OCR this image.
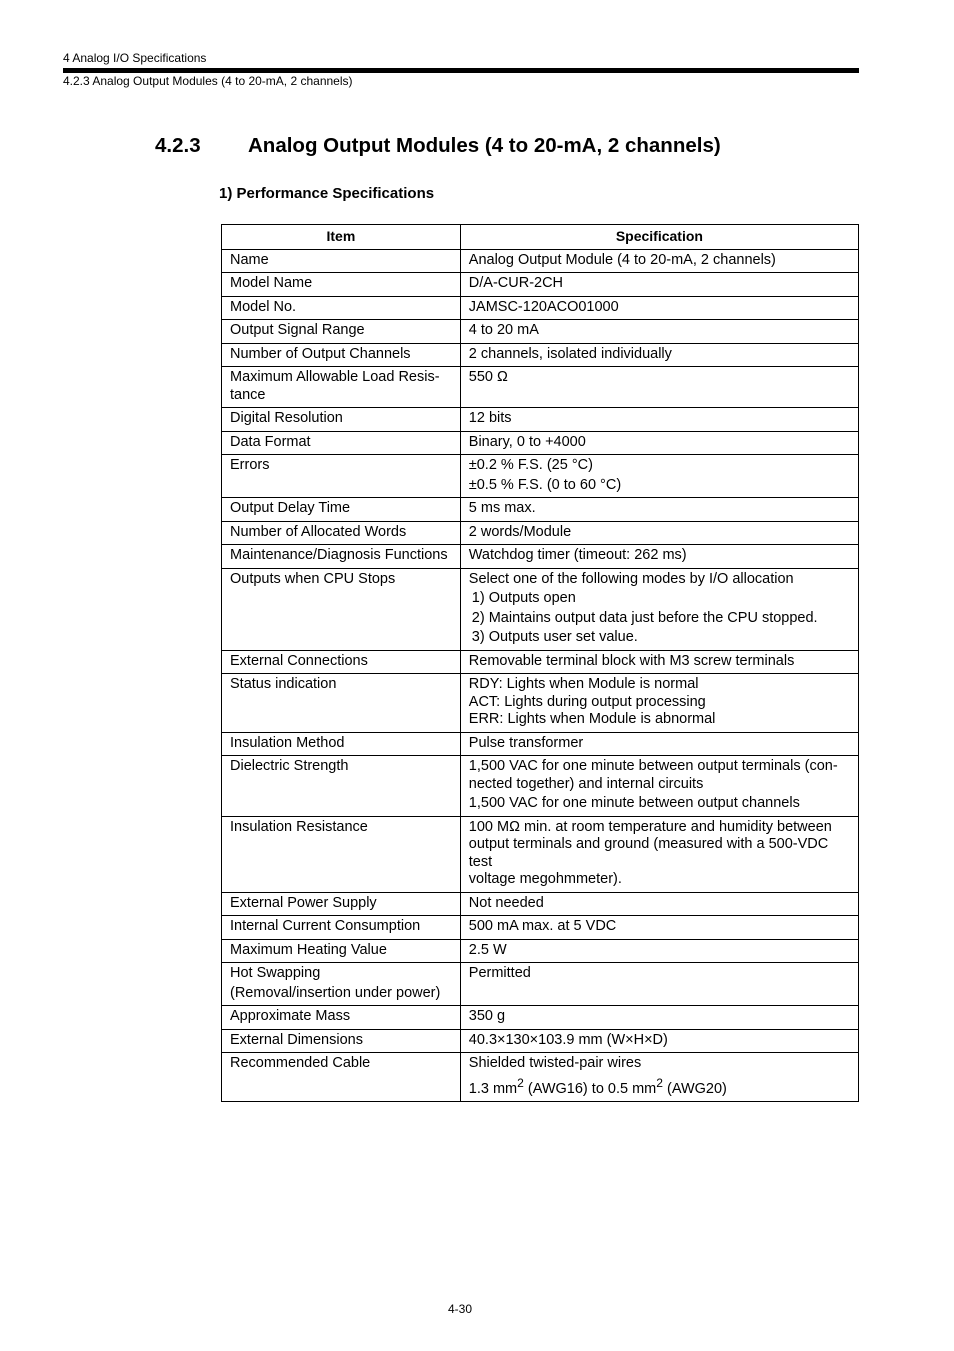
4 Analog I/O Specifications
4.2.3 Analog Output Modules (4 to 20-mA, 2 channels)
4.2.3 Analog Output Modules (4 to 20-mA, 2 channels)
1) Performance Specifications
Item	Specification

Name	Analog Output Module (4 to 20-mA, 2 channels)

Model Name	D/A-CUR-2CH

Model No.	JAMSC-120ACO01000

Output Signal Range	4 to 20 mA

Number of Output Channels	2 channels, isolated individually

Maximum Allowable Load Resis-
tance	550 Ω

Digital Resolution	12 bits

Data Format	Binary, 0 to +4000

Errors	±0.2 % F.S. (25 °C)
±0.5 % F.S. (0 to 60 °C)

Output Delay Time	5 ms max.

Number of Allocated Words	2 words/Module

Maintenance/Diagnosis Functions	Watchdog timer (timeout: 262 ms)

Outputs when CPU Stops	Select one of the following modes by I/O allocation
1) Outputs open
2) Maintains output data just before the CPU stopped.
3) Outputs user set value.

External Connections	Removable terminal block with M3 screw terminals

Status indication	RDY: Lights when Module is normal
ACT: Lights during output processing
ERR: Lights when Module is abnormal

Insulation Method	Pulse transformer

Dielectric Strength	1,500 VAC for one minute between output terminals (con-
nected together) and internal circuits
1,500 VAC for one minute between output channels

Insulation Resistance	100 MΩ min. at room temperature and humidity between
output terminals and ground (measured with a 500-VDC test
voltage megohmmeter).

External Power Supply	Not needed

Internal Current Consumption	500 mA max. at 5 VDC

Maximum Heating Value	2.5 W

Hot Swapping
(Removal/insertion under power)	Permitted

Approximate Mass	350 g

External Dimensions	40.3×130×103.9 mm (W×H×D)

Recommended Cable	Shielded twisted-pair wires
1.3 $mm^2$ (AWG16) to 0.5 $mm^2$ (AWG20)
4-30
